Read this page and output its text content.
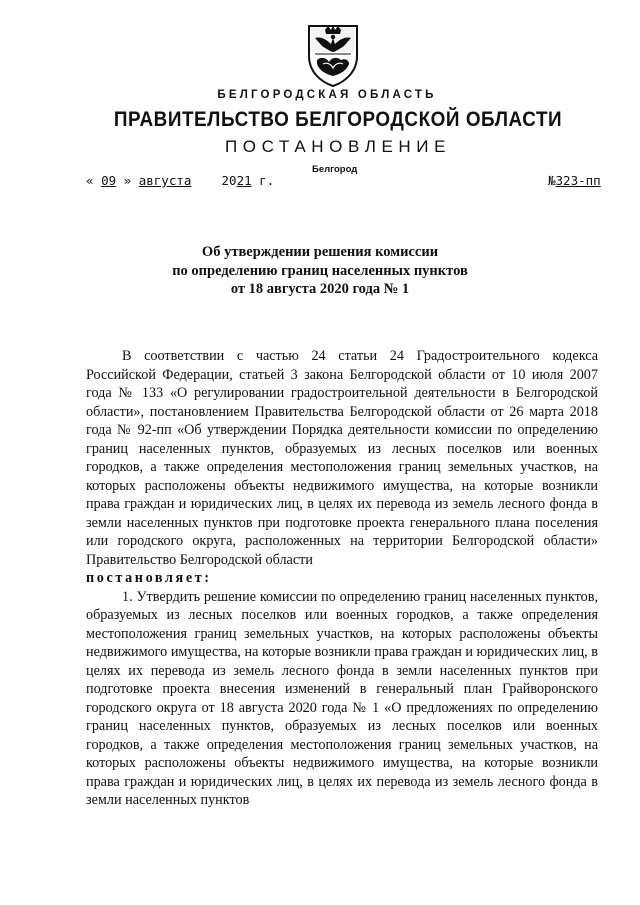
БЕЛГОРОДСКАЯ ОБЛАСТЬ
ПРАВИТЕЛЬСТВО БЕЛГОРОДСКОЙ ОБЛАСТИ
ПОСТАНОВЛЕНИЕ
Белгород
« 09 » августа 2021 г.	№323-пп
Об утверждении решения комиссии
по определению границ населенных пунктов
от 18 августа 2020 года № 1

В соответствии с частью 24 статьи 24 Градостроительного кодекса Российской Федерации, статьей 3 закона Белгородской области от 10 июля 2007 года № 133 «О регулировании градостроительной деятельности в Белгородской области», постановлением Правительства Белгородской области от 26 марта 2018 года № 92-пп «Об утверждении Порядка деятельности комиссии по определению границ населенных пунктов, образуемых из лесных поселков или военных городков, а также определения местоположения границ земельных участков, на которых расположены объекты недвижимого имущества, на которые возникли права граждан и юридических лиц, в целях их перевода из земель лесного фонда в земли населенных пунктов при подготовке проекта генерального плана поселения или городского округа, расположенных на территории Белгородской области» Правительство Белгородской области

постановляет:

1. Утвердить решение комиссии по определению границ населенных пунктов, образуемых из лесных поселков или военных городков, а также определения местоположения границ земельных участков, на которых расположены объекты недвижимого имущества, на которые возникли права граждан и юридических лиц, в целях их перевода из земель лесного фонда в земли населенных пунктов при подготовке проекта внесения изменений в генеральный план Грайворонского городского округа от 18 августа 2020 года № 1 «О предложениях по определению границ населенных пунктов, образуемых из лесных поселков или военных городков, а также определения местоположения границ земельных участков, на которых расположены объекты недвижимого имущества, на которые возникли права граждан и юридических лиц, в целях их перевода из земель лесного фонда в земли населенных пунктов
